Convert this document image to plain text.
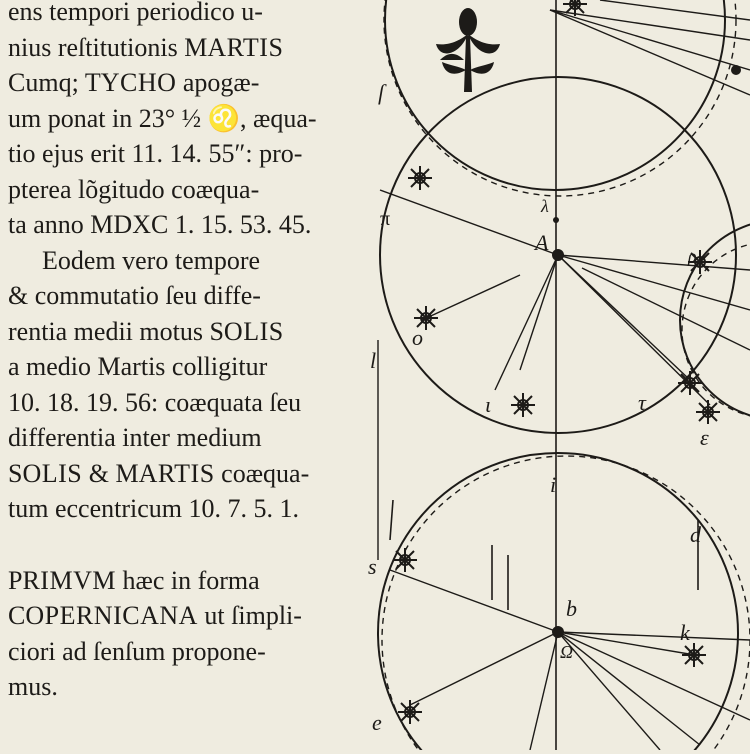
ens tempori periodico u-
nius reſtitutionis MARTIS
Cumq; TYCHO apogæ-
um ponat in 23° ½ ♌, æqua-
tio ejus erit 11. 14. 55″: pro-
pterea lõgitudo coæqua-
ta anno MDXC 1. 15. 53. 45.
Eodem vero tempore
& commutatio ſeu diffe-
rentia medii motus SOLIS
a medio Martis colligitur
10. 18. 19. 56: coæquata ſeu
differentia inter medium
SOLIS & MARTIS coæqua-
tum eccentricum 10. 7. 5. 1.
PRIMVM hæc in forma
COPERNICANA ut ſimpli-
ciori ad ſenſum propone-
mus.
A
λ
π
o
ι	τ
ε
ſ
b
d
k
e
s
l
i
Ω
ρ
